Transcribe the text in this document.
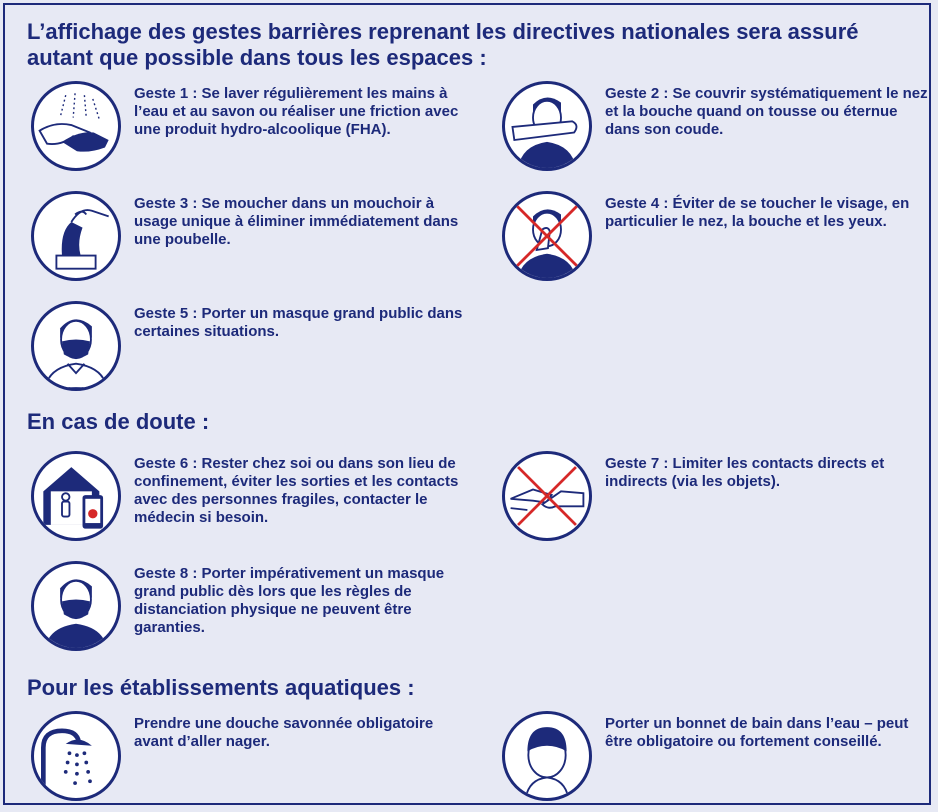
L’affichage des gestes barrières reprenant les directives nationales sera assuré autant que possible dans tous les espaces :
Geste 1 : Se laver régulièrement les mains à l’eau et au savon ou réaliser une friction avec une produit hydro-alcoolique (FHA).
Geste 2 : Se couvrir systématiquement le nez et la bouche quand on tousse ou éternue dans son coude.
Geste 3 : Se moucher dans un mouchoir à usage unique à éliminer immédiatement dans une poubelle.
Geste 4 : Éviter de se toucher le visage, en particulier le nez, la bouche et les yeux.
Geste 5 : Porter un masque grand public dans certaines situations.
En cas de doute :
Geste 6 : Rester chez soi ou dans son lieu de confinement, éviter les sorties et les contacts avec des personnes fragiles, contacter le médecin si besoin.
Geste 7 : Limiter les contacts directs et indirects (via les objets).
Geste 8 : Porter impérativement un masque grand public dès lors que les règles de distanciation physique ne peuvent être garanties.
Pour les établissements aquatiques :
Prendre une douche savonnée obligatoire avant d’aller nager.
Porter un bonnet de bain dans l’eau – peut être obligatoire ou fortement conseillé.
